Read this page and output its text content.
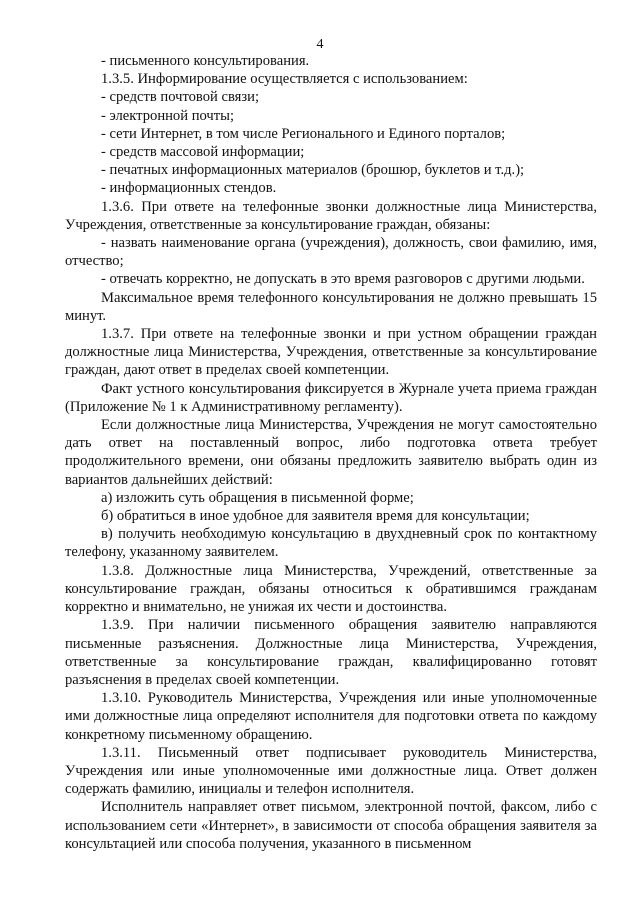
4

- письменного консультирования.

1.3.5. Информирование осуществляется с использованием:

- средств почтовой связи;

- электронной почты;

- сети Интернет, в том числе Регионального и Единого порталов;

- средств массовой информации;

- печатных информационных материалов (брошюр, буклетов и т.д.);

- информационных стендов.

1.3.6. При ответе на телефонные звонки должностные лица Министерства, Учреждения, ответственные за консультирование граждан, обязаны:

- назвать наименование органа (учреждения), должность, свои фамилию, имя, отчество;

- отвечать корректно, не допускать в это время разговоров с другими людьми.

Максимальное время телефонного консультирования не должно превышать 15 минут.

1.3.7. При ответе на телефонные звонки и при устном обращении граждан должностные лица Министерства, Учреждения, ответственные за консультирование граждан, дают ответ в пределах своей компетенции.

Факт устного консультирования фиксируется в Журнале учета приема граждан (Приложение № 1 к Административному регламенту).

Если должностные лица Министерства, Учреждения не могут самостоятельно дать ответ на поставленный вопрос, либо подготовка ответа требует продолжительного времени, они обязаны предложить заявителю выбрать один из вариантов дальнейших действий:

а) изложить суть обращения в письменной форме;

б) обратиться в иное удобное для заявителя время для консультации;

в) получить необходимую консультацию в двухдневный срок по контактному телефону, указанному заявителем.

1.3.8. Должностные лица Министерства, Учреждений, ответственные за консультирование граждан, обязаны относиться к обратившимся гражданам корректно и внимательно, не унижая их чести и достоинства.

1.3.9. При наличии письменного обращения заявителю направляются письменные разъяснения. Должностные лица Министерства, Учреждения, ответственные за консультирование граждан, квалифицированно готовят разъяснения в пределах своей компетенции.

1.3.10. Руководитель Министерства, Учреждения или иные уполномоченные ими должностные лица определяют исполнителя для подготовки ответа по каждому конкретному письменному обращению.

1.3.11. Письменный ответ подписывает руководитель Министерства, Учреждения или иные уполномоченные ими должностные лица. Ответ должен содержать фамилию, инициалы и телефон исполнителя.

Исполнитель направляет ответ письмом, электронной почтой, факсом, либо с использованием сети «Интернет», в зависимости от способа обращения заявителя за консультацией или способа получения, указанного в письменном
